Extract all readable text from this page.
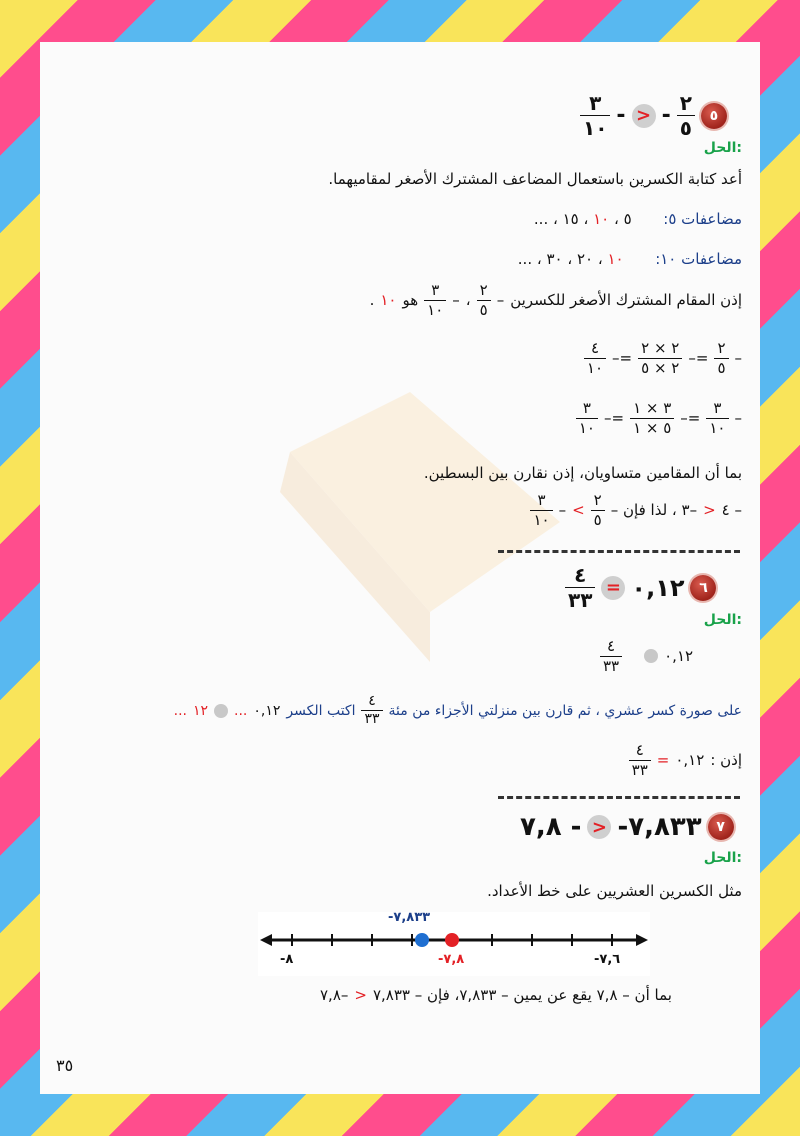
$\frac{٣}{١٠}$ - > - $\frac{٢}{٥}$	٥
الحل:
أعد كتابة الكسرين باستعمال المضاعف المشترك الأصغر لمقاميهما.
مضاعفات ٥:  ٥ ، ١٠ ، ١٥ ، ...
مضاعفات ١٠:  ١٠ ، ٢٠ ، ٣٠ ، ...
إذن المقام المشترك الأصغر للكسرين
–
$\frac{٢}{٥}$
،
–
$\frac{٣}{١٠}$
هو
١٠
.
–
$\frac{٢}{٥}$
=–
$\frac{٢ \times ٢}{٢ \times ٥}$
=–
$\frac{٤}{١٠}$
–
$\frac{٣}{١٠}$
=–
$\frac{٣ \times ١}{٥ \times ١}$
=–
$\frac{٣}{١٠}$
بما أن المقامين متساويان، إذن نقارن بين البسطين.
– ٤
<
–٣ ، لذا فإن –
$\frac{٢}{٥}$
>
–
$\frac{٣}{١٠}$
$\frac{٤}{٣٣}$ = ٠,١٢	٦
الحل:
$\frac{٤}{٣٣}$	٠,١٢
على صورة كسر عشري ، ثم قارن بين منزلتي الأجزاء من مئة
$\frac{٤}{٣٣}$
اكتب الكسر
٠,١٢
...
١٢
...
إذن :
٠,١٢
=
$\frac{٤}{٣٣}$
٧,٨ - > -٧,٨٣٣	٧
الحل:
مثل الكسرين العشريين على خط الأعداد.
-٧,٨٣٣
-٧,٨
-٨	-٧,٦
بما أن – ٧,٨ يقع عن يمين – ٧,٨٣٣، فإن – ٧,٨٣٣
<
–٧,٨
٣٥
